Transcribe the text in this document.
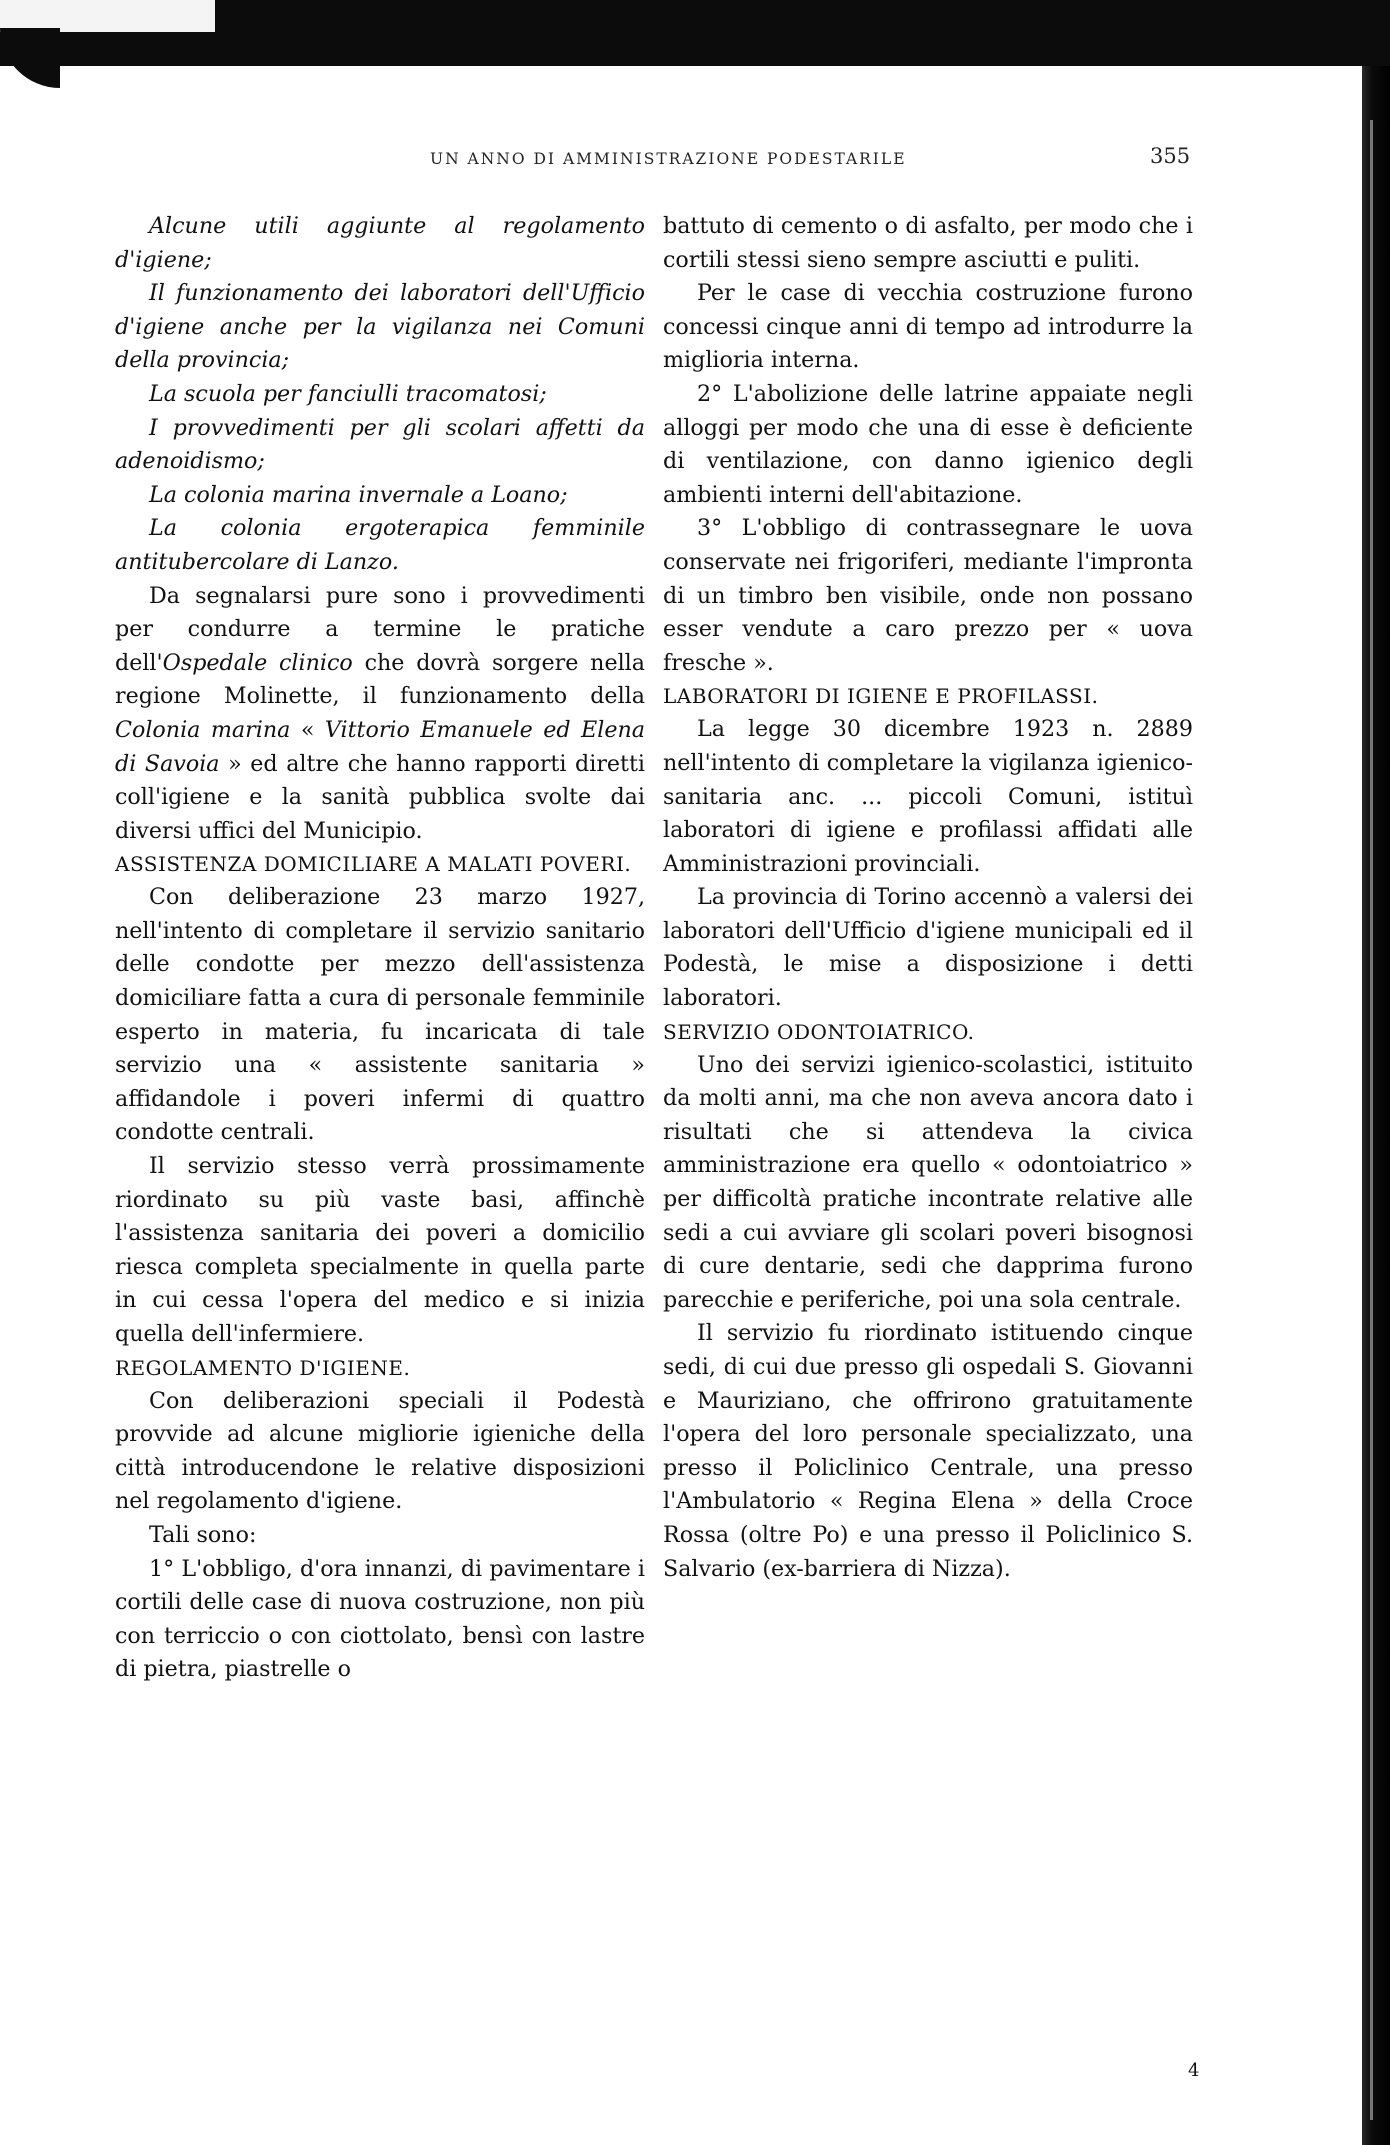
UN ANNO DI AMMINISTRAZIONE PODESTARILE	355

Alcune utili aggiunte al regolamento d'igiene;

Il funzionamento dei laboratori dell'Ufficio d'igiene anche per la vigilanza nei Comuni della provincia;

La scuola per fanciulli tracomatosi;

I provvedimenti per gli scolari affetti da adenoidismo;

La colonia marina invernale a Loano;

La colonia ergoterapica femminile antitubercolare di Lanzo.

Da segnalarsi pure sono i provvedimenti per condurre a termine le pratiche dell'Ospedale clinico che dovrà sorgere nella regione Molinette, il funzionamento della Colonia marina « Vittorio Emanuele ed Elena di Savoia » ed altre che hanno rapporti diretti coll'igiene e la sanità pubblica svolte dai diversi uffici del Municipio.

ASSISTENZA DOMICILIARE A MALATI POVERI.

Con deliberazione 23 marzo 1927, nell'intento di completare il servizio sanitario delle condotte per mezzo dell'assistenza domiciliare fatta a cura di personale femminile esperto in materia, fu incaricata di tale servizio una « assistente sanitaria » affidandole i poveri infermi di quattro condotte centrali.

Il servizio stesso verrà prossimamente riordinato su più vaste basi, affinchè l'assistenza sanitaria dei poveri a domicilio riesca completa specialmente in quella parte in cui cessa l'opera del medico e si inizia quella dell'infermiere.

REGOLAMENTO D'IGIENE.

Con deliberazioni speciali il Podestà provvide ad alcune migliorie igieniche della città introducendone le relative disposizioni nel regolamento d'igiene.

Tali sono:

1° L'obbligo, d'ora innanzi, di pavimentare i cortili delle case di nuova costruzione, non più con terriccio o con ciottolato, bensì con lastre di pietra, piastrelle o

battuto di cemento o di asfalto, per modo che i cortili stessi sieno sempre asciutti e puliti.

Per le case di vecchia costruzione furono concessi cinque anni di tempo ad introdurre la miglioria interna.

2° L'abolizione delle latrine appaiate negli alloggi per modo che una di esse è deficiente di ventilazione, con danno igienico degli ambienti interni dell'abitazione.

3° L'obbligo di contrassegnare le uova conservate nei frigoriferi, mediante l'impronta di un timbro ben visibile, onde non possano esser vendute a caro prezzo per « uova fresche ».

LABORATORI DI IGIENE E PROFILASSI.

La legge 30 dicembre 1923 n. 2889 nell'intento di completare la vigilanza igienico-sanitaria anc. ... piccoli Comuni, istituì laboratori di igiene e profilassi affidati alle Amministrazioni provinciali.

La provincia di Torino accennò a valersi dei laboratori dell'Ufficio d'igiene municipali ed il Podestà, le mise a disposizione i detti laboratori.

SERVIZIO ODONTOIATRICO.

Uno dei servizi igienico-scolastici, istituito da molti anni, ma che non aveva ancora dato i risultati che si attendeva la civica amministrazione era quello « odontoiatrico » per difficoltà pratiche incontrate relative alle sedi a cui avviare gli scolari poveri bisognosi di cure dentarie, sedi che dapprima furono parecchie e periferiche, poi una sola centrale.

Il servizio fu riordinato istituendo cinque sedi, di cui due presso gli ospedali S. Giovanni e Mauriziano, che offrirono gratuitamente l'opera del loro personale specializzato, una presso il Policlinico Centrale, una presso l'Ambulatorio « Regina Elena » della Croce Rossa (oltre Po) e una presso il Policlinico S. Salvario (ex-barriera di Nizza).

4
